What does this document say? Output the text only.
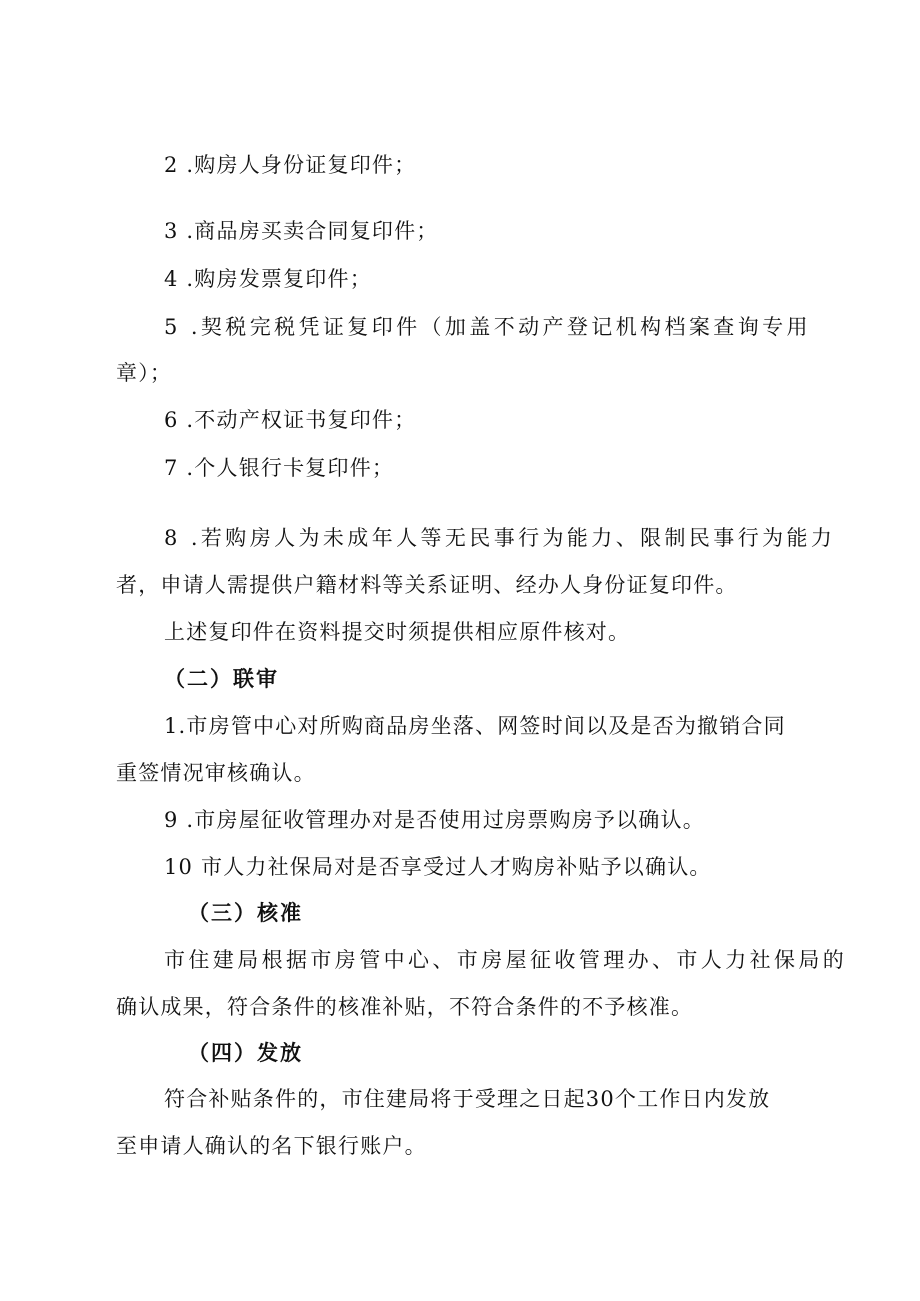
2 .购房人身份证复印件；
3 .商品房买卖合同复印件；
4 .购房发票复印件；
5 .契税完税凭证复印件（加盖不动产登记机构档案查询专用
章）；
6 .不动产权证书复印件；
7 .个人银行卡复印件；
8 .若购房人为未成年人等无民事行为能力、限制民事行为能力
者，申请人需提供户籍材料等关系证明、经办人身份证复印件。
上述复印件在资料提交时须提供相应原件核对。
（二）联审
1.市房管中心对所购商品房坐落、网签时间以及是否为撤销合同
重签情况审核确认。
9 .市房屋征收管理办对是否使用过房票购房予以确认。
10 市人力社保局对是否享受过人才购房补贴予以确认。
（三）核准
市住建局根据市房管中心、市房屋征收管理办、市人力社保局的
确认成果，符合条件的核准补贴，不符合条件的不予核准。
（四）发放
符合补贴条件的，市住建局将于受理之日起30个工作日内发放
至申请人确认的名下银行账户。
